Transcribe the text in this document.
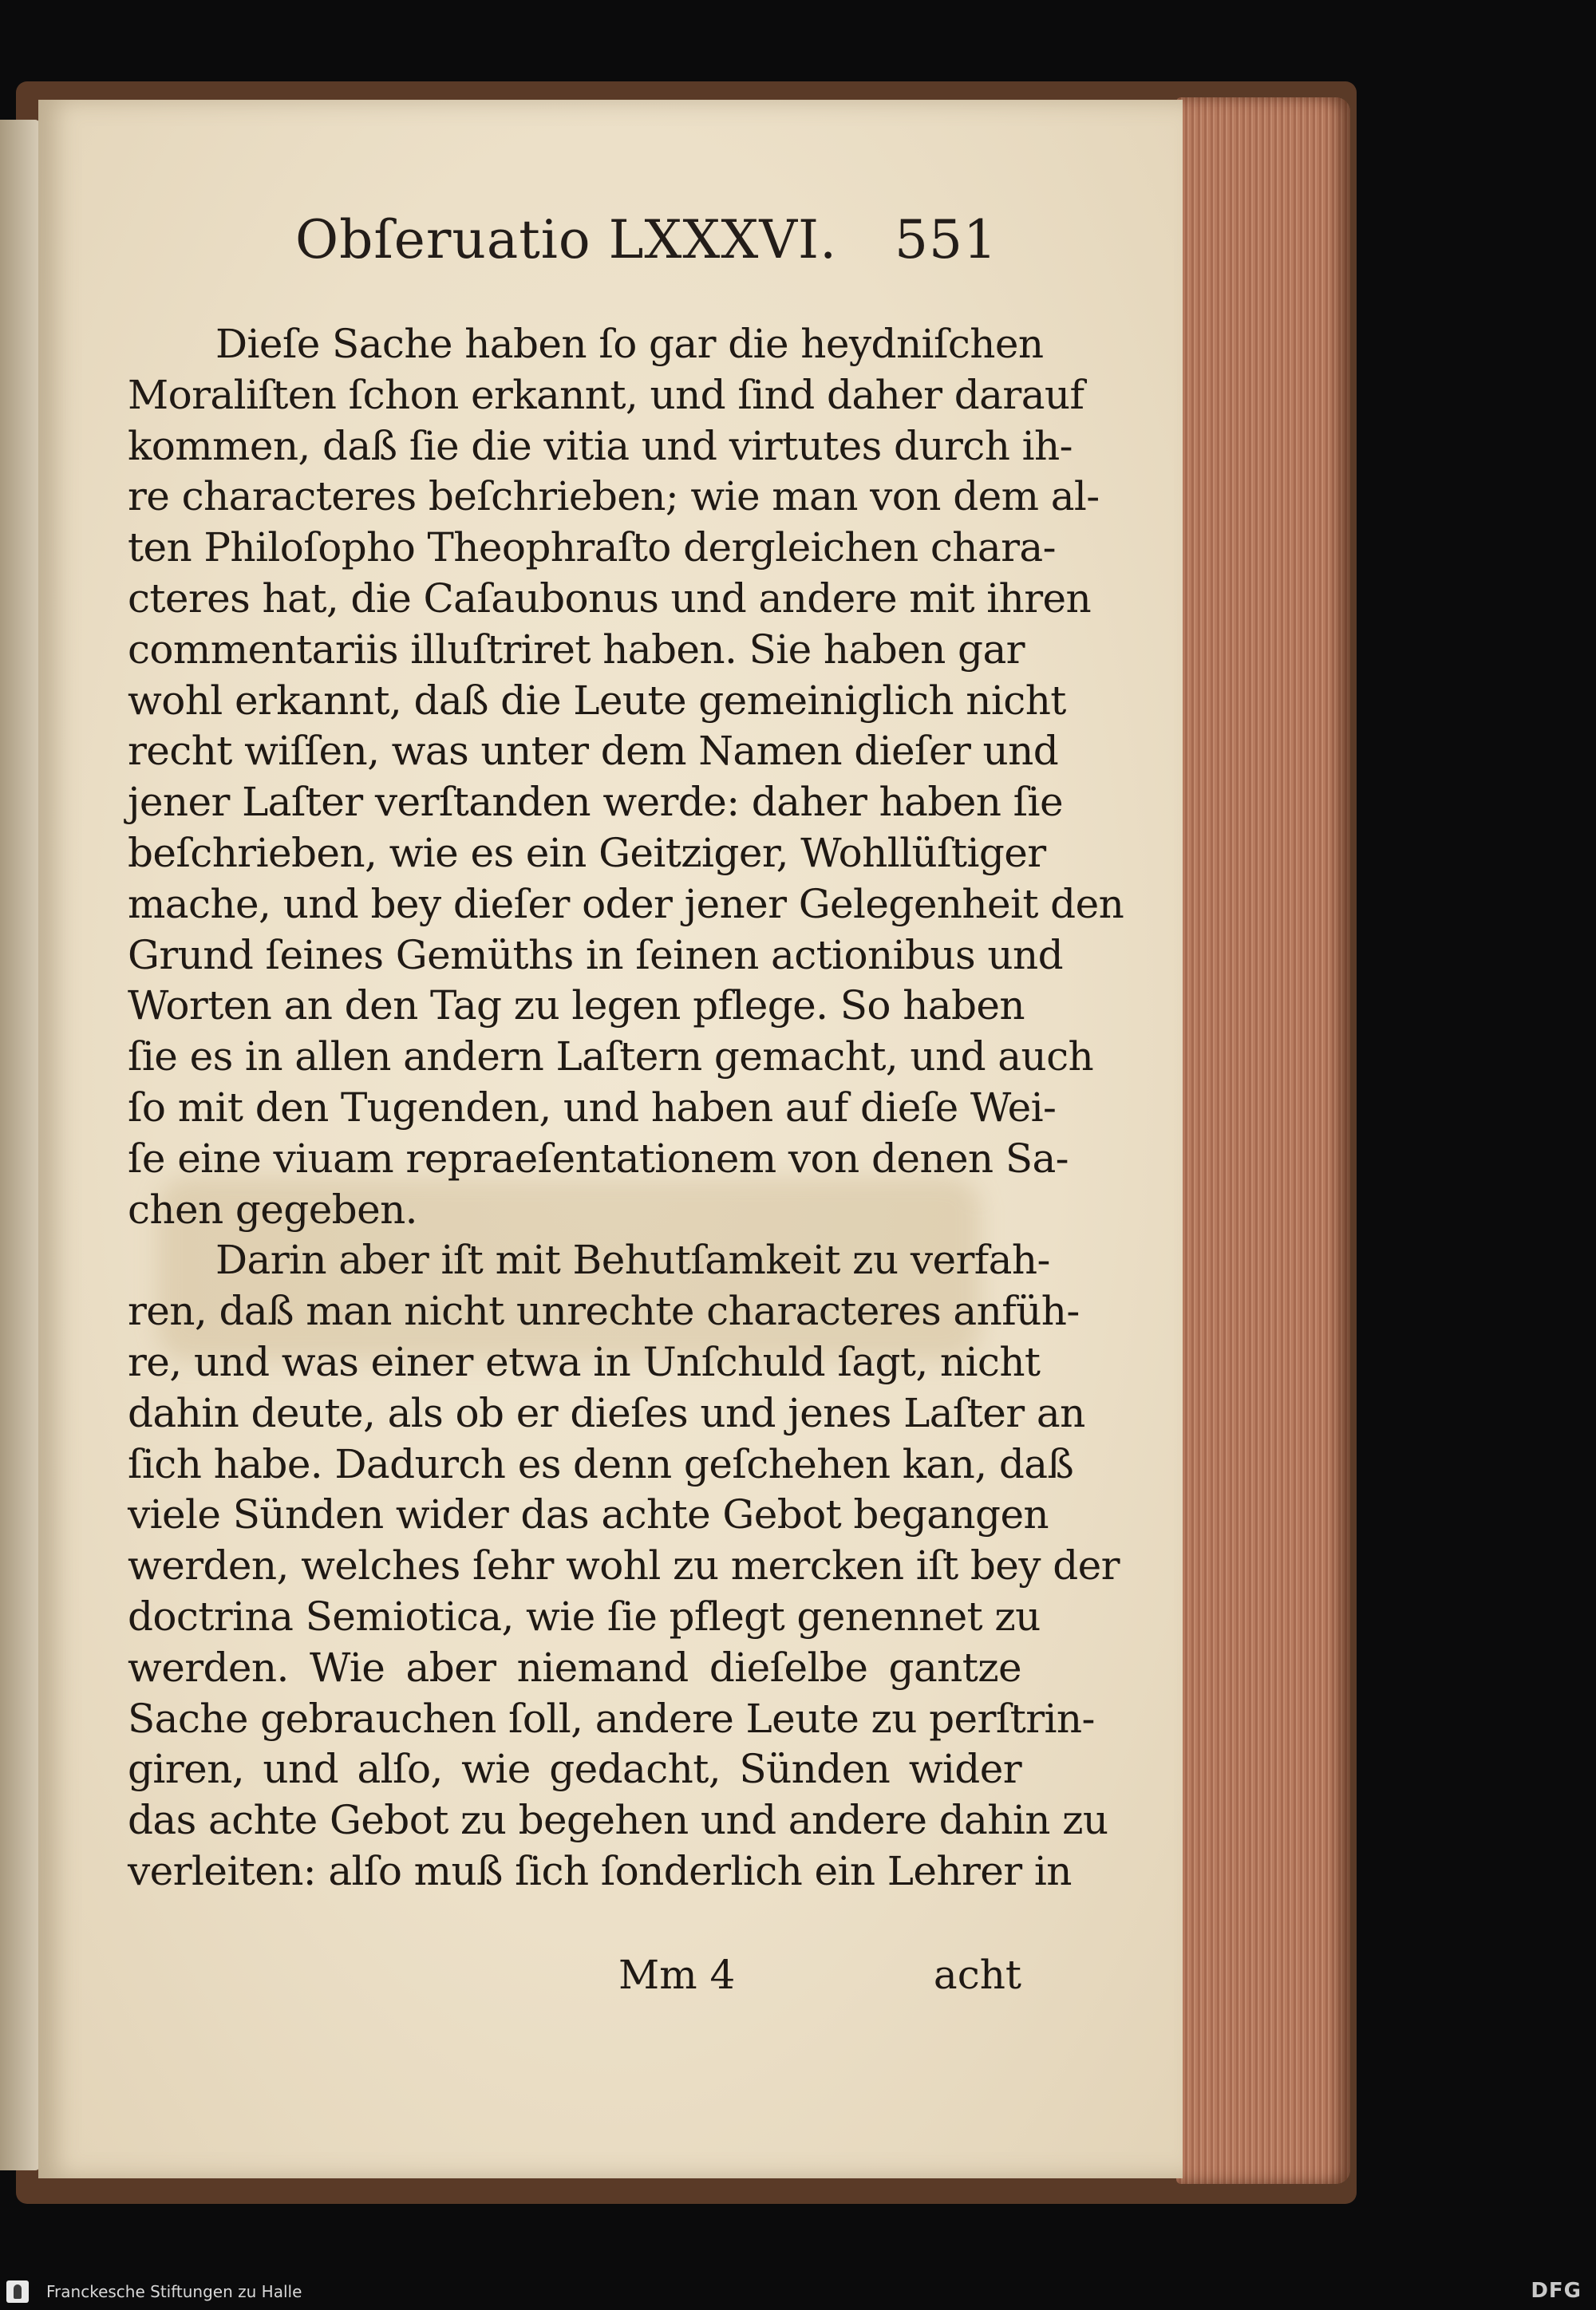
Obſeruatio LXXXVI. 551
Dieſe Sache haben ſo gar die heydniſchen
Moraliſten ſchon erkannt, und ſind daher darauf
kommen, daß ſie die vitia und virtutes durch ih-
re characteres beſchrieben; wie man von dem al-
ten Philoſopho Theophraſto dergleichen chara-
cteres hat, die Caſaubonus und andere mit ihren
commentariis illuſtriret haben. Sie haben gar
wohl erkannt, daß die Leute gemeiniglich nicht
recht wiſſen, was unter dem Namen dieſer und
jener Laſter verſtanden werde: daher haben ſie
beſchrieben, wie es ein Geitziger, Wohllüſtiger
mache, und bey dieſer oder jener Gelegenheit den
Grund ſeines Gemüths in ſeinen actionibus und
Worten an den Tag zu legen pflege. So haben
ſie es in allen andern Laſtern gemacht, und auch
ſo mit den Tugenden, und haben auf dieſe Wei-
ſe eine viuam repraeſentationem von denen Sa-
chen gegeben.
Darin aber iſt mit Behutſamkeit zu verfah-
ren, daß man nicht unrechte characteres anfüh-
re, und was einer etwa in Unſchuld ſagt, nicht
dahin deute, als ob er dieſes und jenes Laſter an
ſich habe. Dadurch es denn geſchehen kan, daß
viele Sünden wider das achte Gebot begangen
werden, welches ſehr wohl zu mercken iſt bey der
doctrina Semiotica, wie ſie pflegt genennet zu
werden. Wie aber niemand dieſelbe gantze
Sache gebrauchen ſoll, andere Leute zu perſtrin-
giren, und alſo, wie gedacht, Sünden wider
das achte Gebot zu begehen und andere dahin zu
verleiten: alſo muß ſich ſonderlich ein Lehrer in
Mm 4	acht
Franckesche Stiftungen zu Halle	DFG
